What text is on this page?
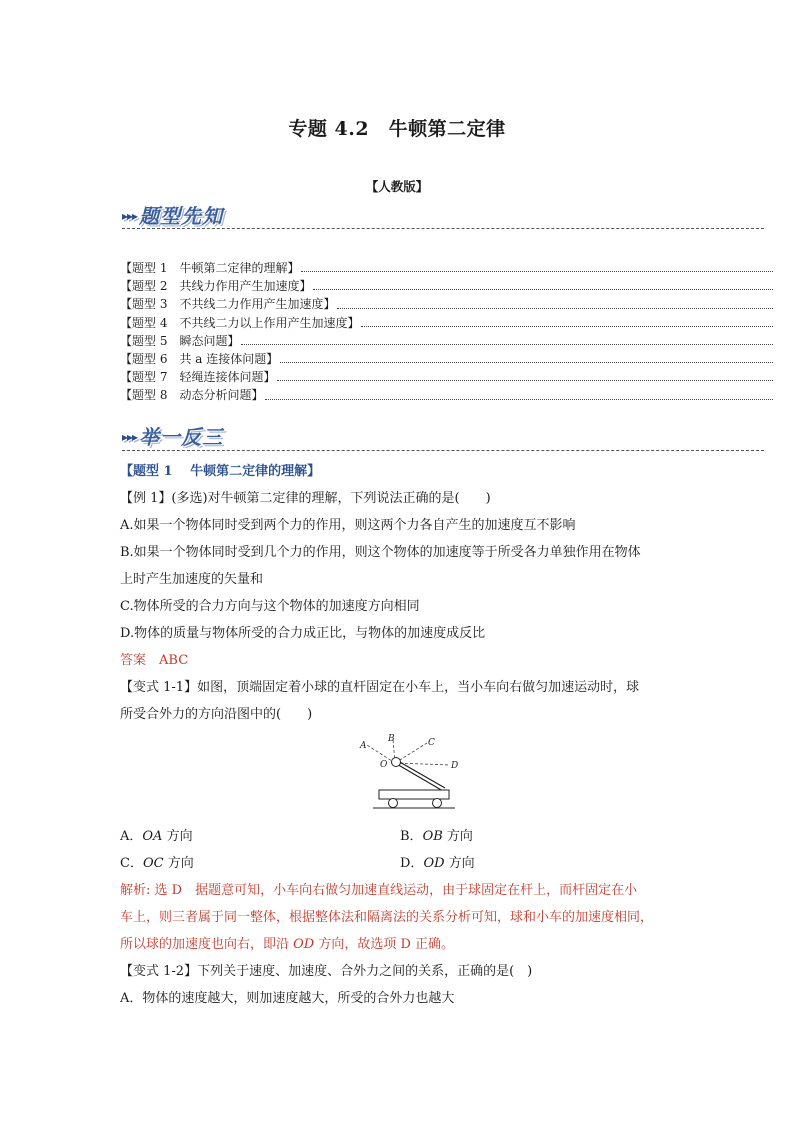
专题 4.2　牛顿第二定律
【人教版】
▸▸▸ 题型先知
【题型 1　牛顿第二定律的理解】
【题型 2　共线力作用产生加速度】
【题型 3　不共线二力作用产生加速度】
【题型 4　不共线二力以上作用产生加速度】
【题型 5　瞬态问题】
【题型 6　共 a 连接体问题】
【题型 7　轻绳连接体问题】
【题型 8　动态分析问题】
▸▸▸ 举一反三

【题型 1　 牛顿第二定律的理解】

【例 1】(多选)对牛顿第二定律的理解，下列说法正确的是(　　)

A.如果一个物体同时受到两个力的作用，则这两个力各自产生的加速度互不影响

B.如果一个物体同时受到几个力的作用，则这个物体的加速度等于所受各力单独作用在物体

上时产生加速度的矢量和

C.物体所受的合力方向与这个物体的加速度方向相同

D.物体的质量与物体所受的合力成正比，与物体的加速度成反比

答案　 ABC

【变式 1-1】如图，顶端固定着小球的直杆固定在小车上，当小车向右做匀加速运动时，球

所受合外力的方向沿图中的(　　)

A
B	C
D
O
A．OA 方向	B．OB 方向
C．OC 方向	D．OD 方向

解析: 选 D　据题意可知，小车向右做匀加速直线运动，由于球固定在杆上，而杆固定在小

车上，则三者属于同一整体，根据整体法和隔离法的关系分析可知，球和小车的加速度相同，

所以球的加速度也向右，即沿 OD 方向，故选项 D 正确。

【变式 1-2】下列关于速度、加速度、合外力之间的关系，正确的是(　)

A．物体的速度越大，则加速度越大，所受的合外力也越大
